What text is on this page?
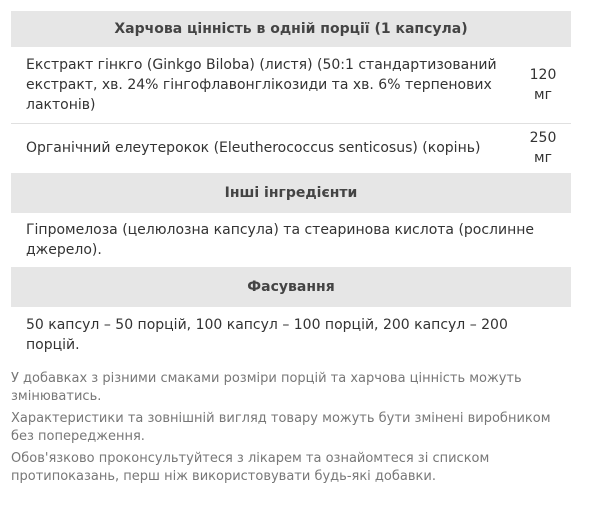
Харчова цінність в одній порції (1 капсула)	
Екстракт гінкго (Ginkgo Biloba) (листя) (50:1 стандартизований екстракт, хв. 24% гінгофлавонглікозиди та хв. 6% терпенових лактонів)	120
мг

Органічний елеутерокок (Eleutherococcus senticosus) (корінь)	250
мг

Інші інгредієнти	
Гіпромелоза (целюлозна капсула) та стеаринова кислота (рослинне джерело).	
Фасування	
50 капсул – 50 порцій, 100 капсул – 100 порцій, 200 капсул – 200 порцій.	

У добавках з різними смаками розміри порцій та харчова цінність можуть змінюватись.

Характеристики та зовнішній вигляд товару можуть бути змінені виробником без попередження.

Обов'язково проконсультуйтеся з лікарем та ознайомтеся зі списком протипоказань, перш ніж використовувати будь-які добавки.
